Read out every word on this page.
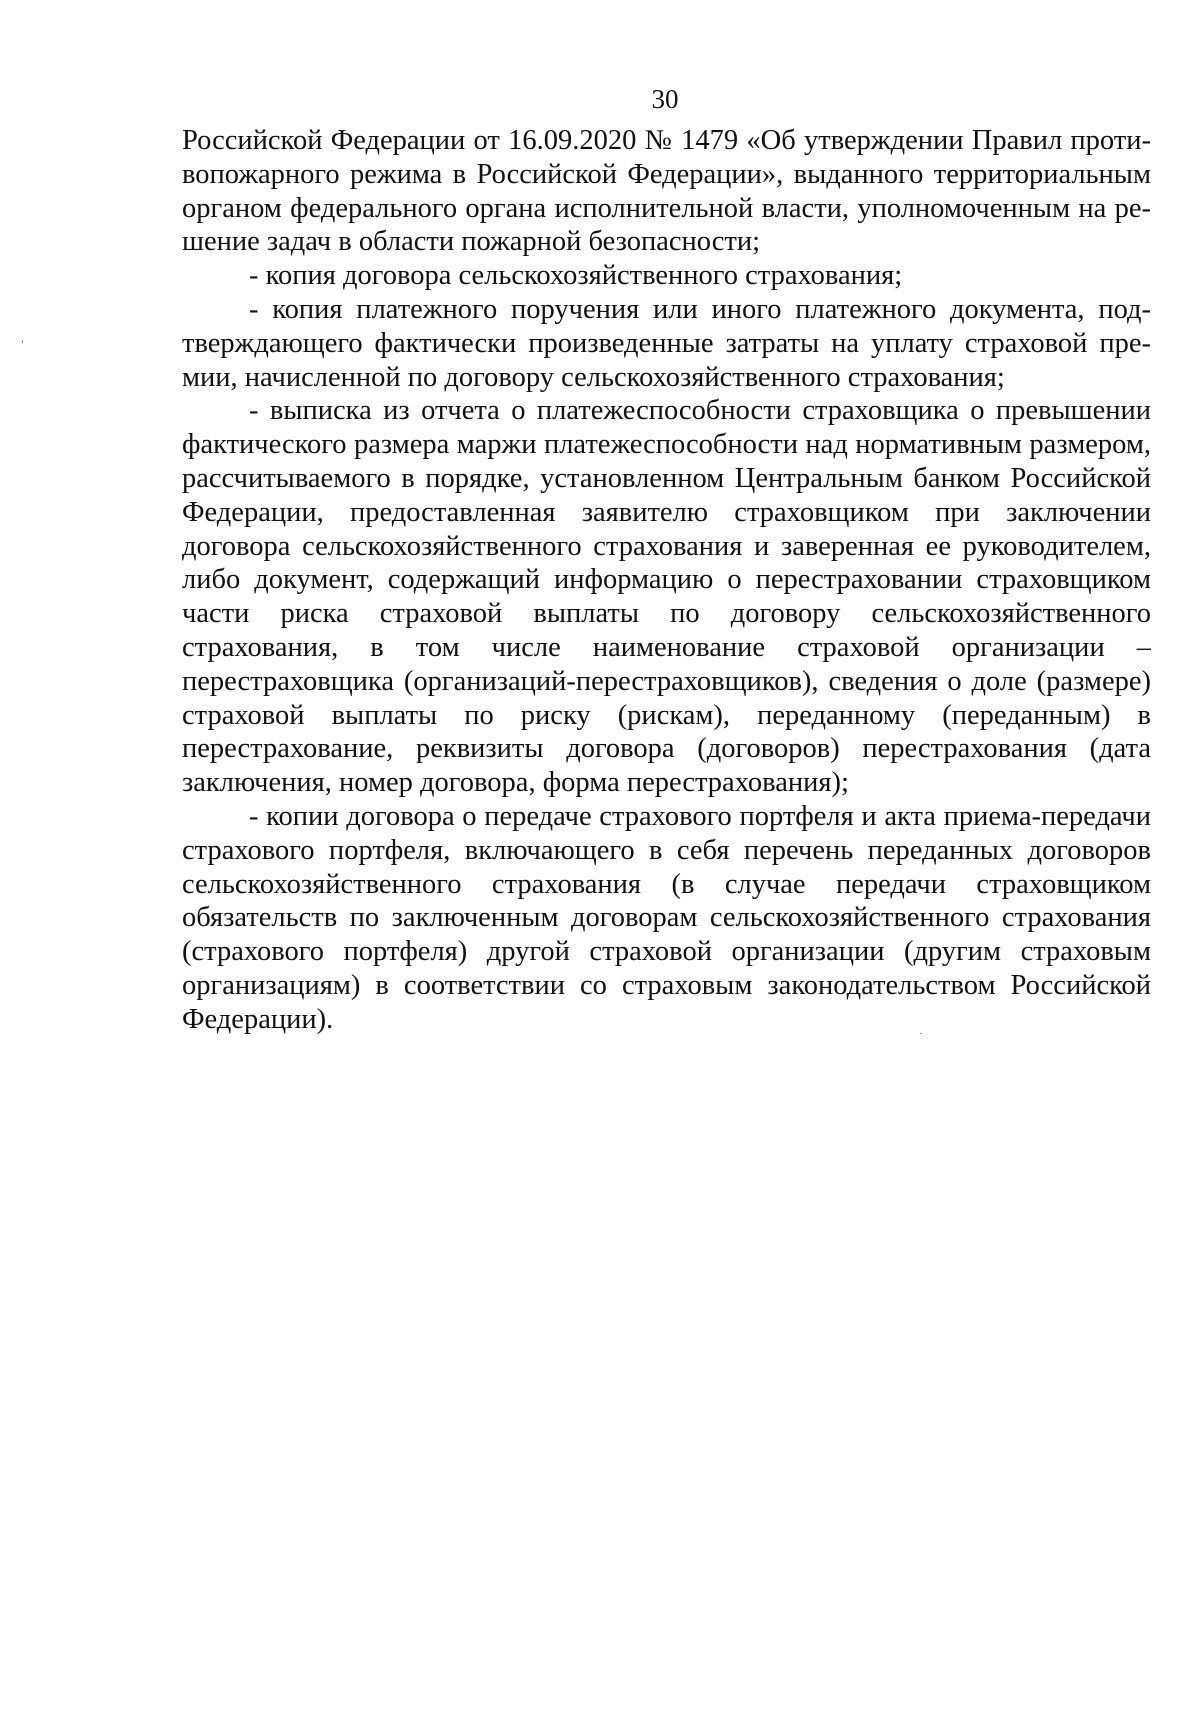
30
Российской Федерации от 16.09.2020 № 1479 «Об утверждении Правил проти-
вопожарного режима в Российской Федерации», выданного территориальным
органом федерального органа исполнительной власти, уполномоченным на ре-
шение задач в области пожарной безопасности;
- копия договора сельскохозяйственного страхования;
- копия платежного поручения или иного платежного документа, под-
тверждающего фактически произведенные затраты на уплату страховой пре-
мии, начисленной по договору сельскохозяйственного страхования;
- выписка из отчета о платежеспособности страховщика о превышении
фактического размера маржи платежеспособности над нормативным размером,
рассчитываемого в порядке, установленном Центральным банком Российской
Федерации, предоставленная заявителю страховщиком при заключении
договора сельскохозяйственного страхования и заверенная ее руководителем,
либо документ, содержащий информацию о перестраховании страховщиком
части риска страховой выплаты по договору сельскохозяйственного
страхования, в том числе наименование страховой организации –
перестраховщика (организаций-перестраховщиков), сведения о доле (размере)
страховой выплаты по риску (рискам), переданному (переданным) в
перестрахование, реквизиты договора (договоров) перестрахования (дата
заключения, номер договора, форма перестрахования);
- копии договора о передаче страхового портфеля и акта приема-передачи
страхового портфеля, включающего в себя перечень переданных договоров
сельскохозяйственного страхования (в случае передачи страховщиком
обязательств по заключенным договорам сельскохозяйственного страхования
(страхового портфеля) другой страховой организации (другим страховым
организациям) в соответствии со страховым законодательством Российской
Федерации).
